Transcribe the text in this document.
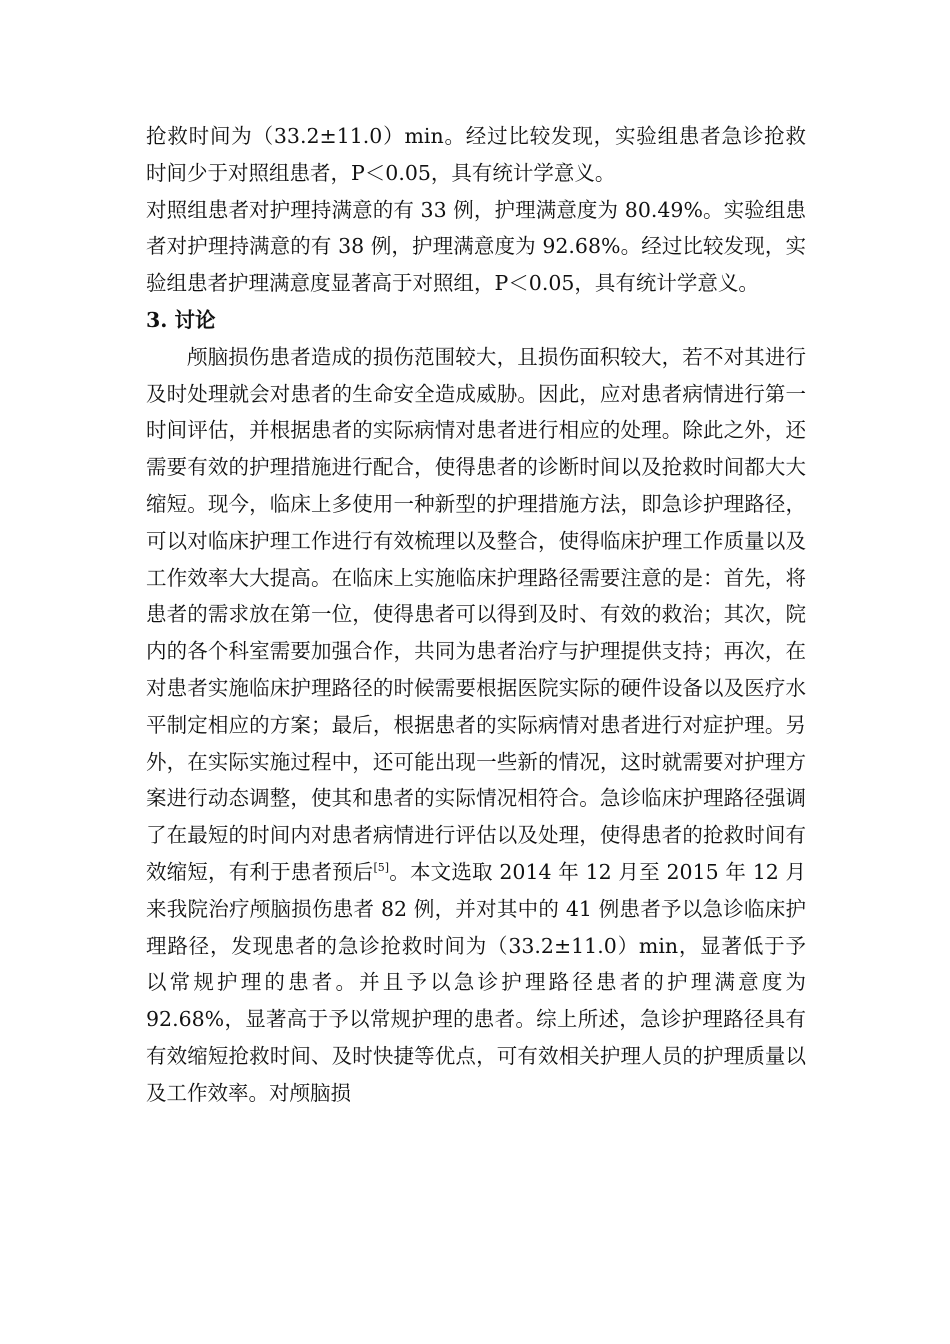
抢救时间为（33.2±11.0）min。经过比较发现，实验组患者急诊抢救时间少于对照组患者，P＜0.05，具有统计学意义。

对照组患者对护理持满意的有 33 例，护理满意度为 80.49%。实验组患者对护理持满意的有 38 例，护理满意度为 92.68%。经过比较发现，实验组患者护理满意度显著高于对照组，P＜0.05，具有统计学意义。

3. 讨论

颅脑损伤患者造成的损伤范围较大，且损伤面积较大，若不对其进行及时处理就会对患者的生命安全造成威胁。因此，应对患者病情进行第一时间评估，并根据患者的实际病情对患者进行相应的处理。除此之外，还需要有效的护理措施进行配合，使得患者的诊断时间以及抢救时间都大大缩短。现今，临床上多使用一种新型的护理措施方法，即急诊护理路径，可以对临床护理工作进行有效梳理以及整合，使得临床护理工作质量以及工作效率大大提高。在临床上实施临床护理路径需要注意的是：首先，将患者的需求放在第一位，使得患者可以得到及时、有效的救治；其次，院内的各个科室需要加强合作，共同为患者治疗与护理提供支持；再次，在对患者实施临床护理路径的时候需要根据医院实际的硬件设备以及医疗水平制定相应的方案；最后，根据患者的实际病情对患者进行对症护理。另外，在实际实施过程中，还可能出现一些新的情况，这时就需要对护理方案进行动态调整，使其和患者的实际情况相符合。急诊临床护理路径强调了在最短的时间内对患者病情进行评估以及处理，使得患者的抢救时间有效缩短，有利于患者预后[5]。本文选取 2014 年 12 月至 2015 年 12 月来我院治疗颅脑损伤患者 82 例，并对其中的 41 例患者予以急诊临床护理路径，发现患者的急诊抢救时间为（33.2±11.0）min，显著低于予以常规护理的患者。并且予以急诊护理路径患者的护理满意度为 92.68%，显著高于予以常规护理的患者。综上所述，急诊护理路径具有有效缩短抢救时间、及时快捷等优点，可有效相关护理人员的护理质量以及工作效率。对颅脑损
